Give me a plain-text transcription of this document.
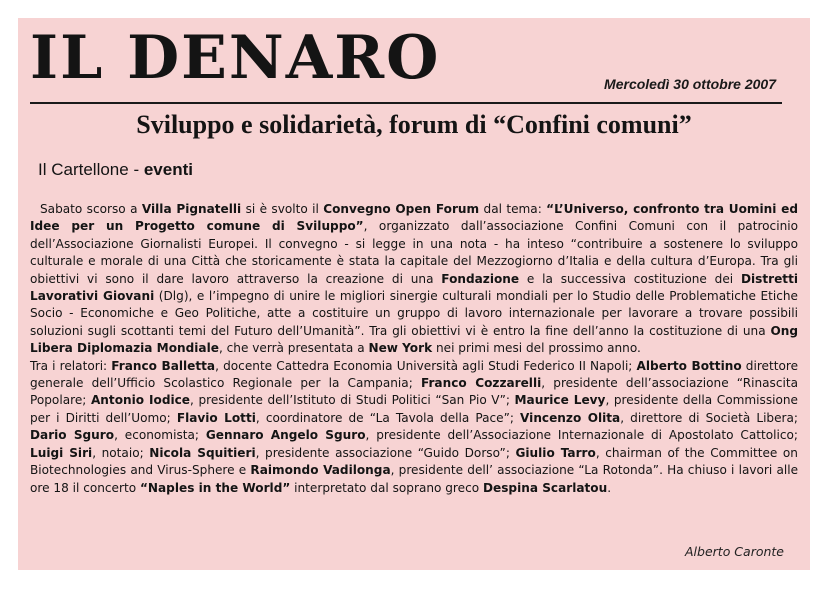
IL DENARO	Mercoledì 30 ottobre 2007
Sviluppo e solidarietà, forum di “Confini comuni”
Il Cartellone - eventi

Sabato scorso a Villa Pignatelli si è svolto il Convegno Open Forum dal tema: “L’Universo, confronto tra Uomini ed Idee per un Progetto comune di Sviluppo”, organizzato dall’associazione Confini Comuni con il patrocinio dell’Associazione Giornalisti Europei. Il convegno - si legge in una nota - ha inteso “contribuire a sostenere lo sviluppo culturale e morale di una Città che storicamente è stata la capitale del Mezzogiorno d’Italia e della cultura d’Europa. Tra gli obiettivi vi sono il dare lavoro attraverso la creazione di una Fondazione e la successiva costituzione dei Distretti Lavorativi Giovani (Dlg), e l’impegno di unire le migliori sinergie culturali mondiali per lo Studio delle Problematiche Etiche Socio - Economiche e Geo Politiche, atte a costituire un gruppo di lavoro internazionale per lavorare a trovare possibili soluzioni sugli scottanti temi del Futuro dell’Umanità”. Tra gli obiettivi vi è entro la fine dell’anno la costituzione di una Ong Libera Diplomazia Mondiale, che verrà presentata a New York nei primi mesi del prossimo anno.

Tra i relatori: Franco Balletta, docente Cattedra Economia Università agli Studi Federico II Napoli; Alberto Bottino direttore generale dell’Ufficio Scolastico Regionale per la Campania; Franco Cozzarelli, presidente dell’associazione “Rinascita Popolare; Antonio Iodice, presidente dell’Istituto di Studi Politici “San Pio V”; Maurice Levy, presidente della Commissione per i Diritti dell’Uomo; Flavio Lotti, coordinatore de “La Tavola della Pace”; Vincenzo Olita, direttore di Società Libera; Dario Sguro, economista; Gennaro Angelo Sguro, presidente dell’Associazione Internazionale di Apostolato Cattolico; Luigi Siri, notaio; Nicola Squitieri, presidente associazione “Guido Dorso”; Giulio Tarro, chairman of the Committee on Biotechnologies and Virus-Sphere e Raimondo Vadilonga, presidente dell’ associazione “La Rotonda”. Ha chiuso i lavori alle ore 18 il concerto “Naples in the World” interpretato dal soprano greco Despina Scarlatou.

Alberto Caronte
